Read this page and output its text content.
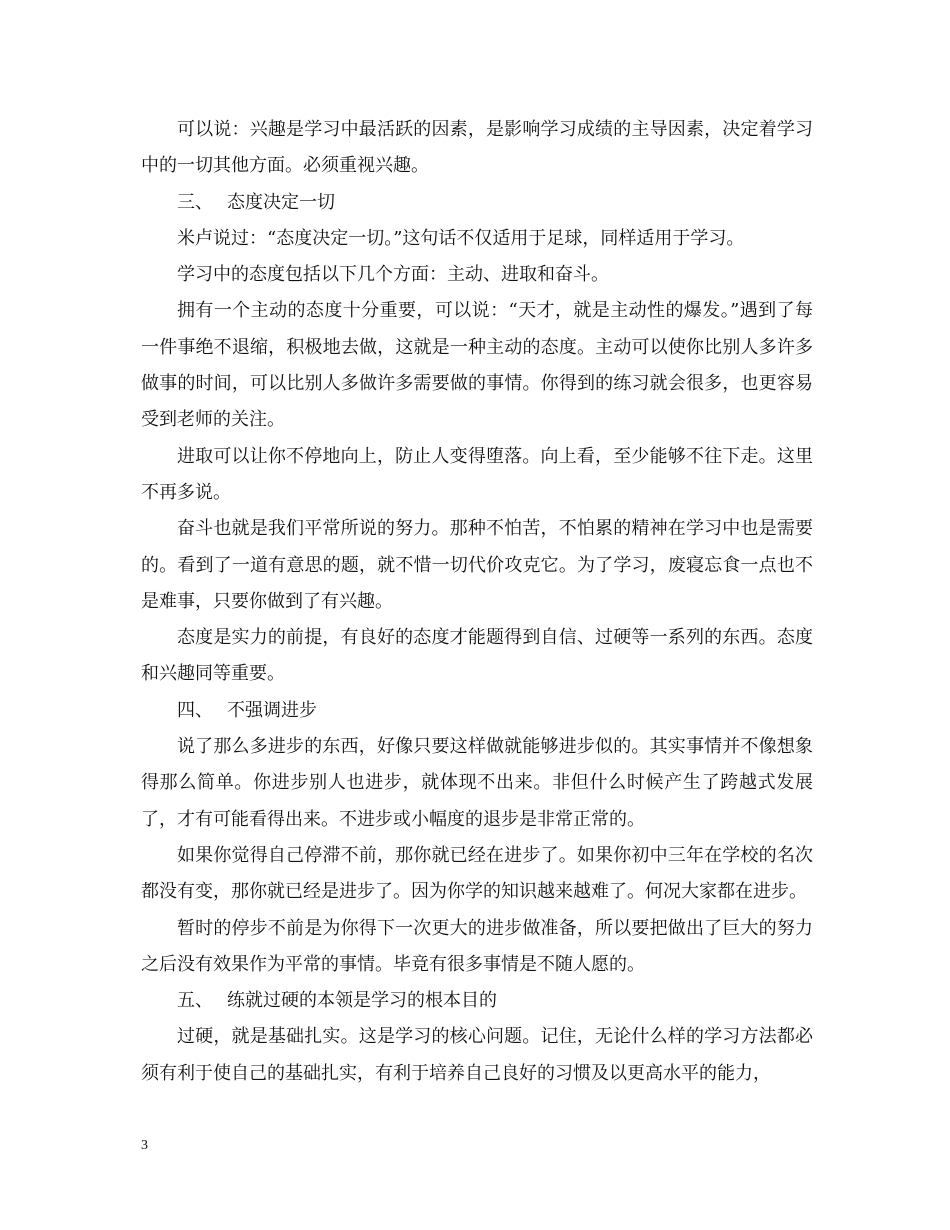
可以说：兴趣是学习中最活跃的因素，是影响学习成绩的主导因素，决定着学习中的一切其他方面。必须重视兴趣。

三、 态度决定一切

米卢说过：“态度决定一切。”这句话不仅适用于足球，同样适用于学习。

学习中的态度包括以下几个方面：主动、进取和奋斗。

拥有一个主动的态度十分重要，可以说：“天才，就是主动性的爆发。”遇到了每一件事绝不退缩，积极地去做，这就是一种主动的态度。主动可以使你比别人多许多做事的时间，可以比别人多做许多需要做的事情。你得到的练习就会很多，也更容易受到老师的关注。

进取可以让你不停地向上，防止人变得堕落。向上看，至少能够不往下走。这里不再多说。

奋斗也就是我们平常所说的努力。那种不怕苦，不怕累的精神在学习中也是需要的。看到了一道有意思的题，就不惜一切代价攻克它。为了学习，废寝忘食一点也不是难事，只要你做到了有兴趣。

态度是实力的前提，有良好的态度才能题得到自信、过硬等一系列的东西。态度和兴趣同等重要。

四、 不强调进步

说了那么多进步的东西，好像只要这样做就能够进步似的。其实事情并不像想象得那么简单。你进步别人也进步，就体现不出来。非但什么时候产生了跨越式发展了，才有可能看得出来。不进步或小幅度的退步是非常正常的。

如果你觉得自己停滞不前，那你就已经在进步了。如果你初中三年在学校的名次都没有变，那你就已经是进步了。因为你学的知识越来越难了。何况大家都在进步。

暂时的停步不前是为你得下一次更大的进步做准备，所以要把做出了巨大的努力之后没有效果作为平常的事情。毕竟有很多事情是不随人愿的。

五、 练就过硬的本领是学习的根本目的

过硬，就是基础扎实。这是学习的核心问题。记住，无论什么样的学习方法都必须有利于使自己的基础扎实，有利于培养自己良好的习惯及以更高水平的能力，

3
